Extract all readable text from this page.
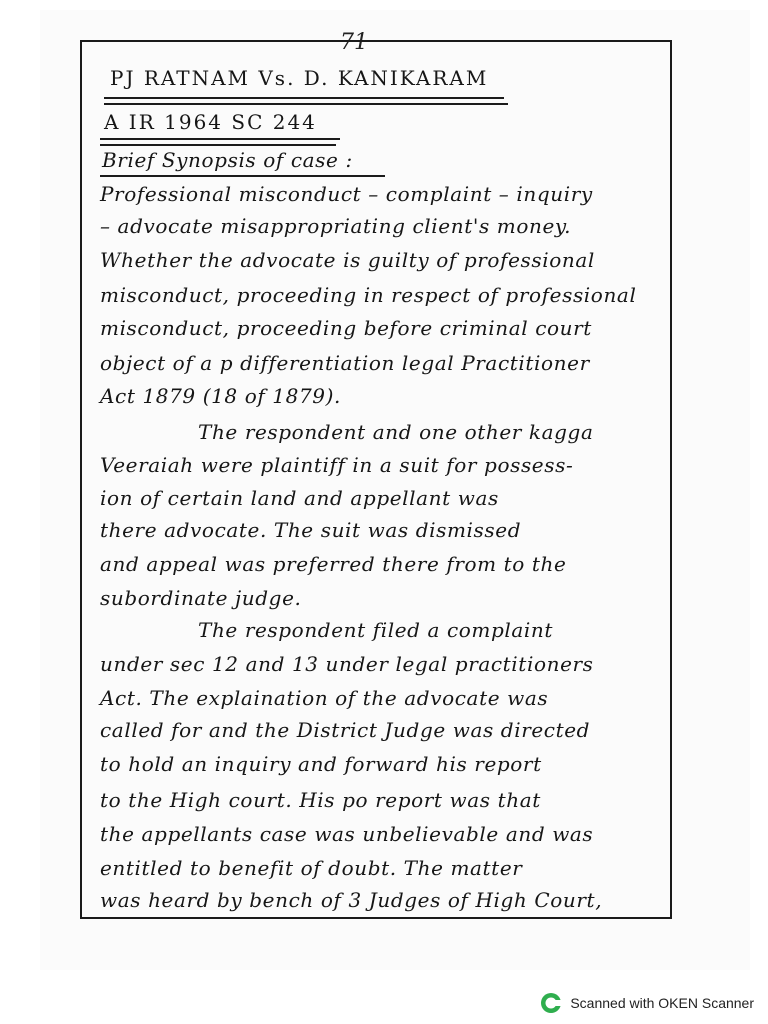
71
PJ RATNAM Vs. D. KANIKARAM
A IR 1964 SC 244
Brief Synopsis of case :
Professional misconduct – complaint – inquiry
– advocate misappropriating client's money.
Whether the advocate is guilty of professional
misconduct, proceeding in respect of professional
misconduct, proceeding before criminal court
object of a p differentiation legal Practitioner
Act 1879 (18 of 1879).
The respondent and one other kagga
Veeraiah were plaintiff in a suit for possess-
ion of certain land and appellant was
there advocate. The suit was dismissed
and appeal was preferred there from to the
subordinate judge.
The respondent filed a complaint
under sec 12 and 13 under legal practitioners
Act. The explaination of the advocate was
called for and the District Judge was directed
to hold an inquiry and forward his report
to the High court. His po report was that
the appellants case was unbelievable and was
entitled to benefit of doubt. The matter
was heard by bench of 3 Judges of High Court,
Scanned with OKEN Scanner
